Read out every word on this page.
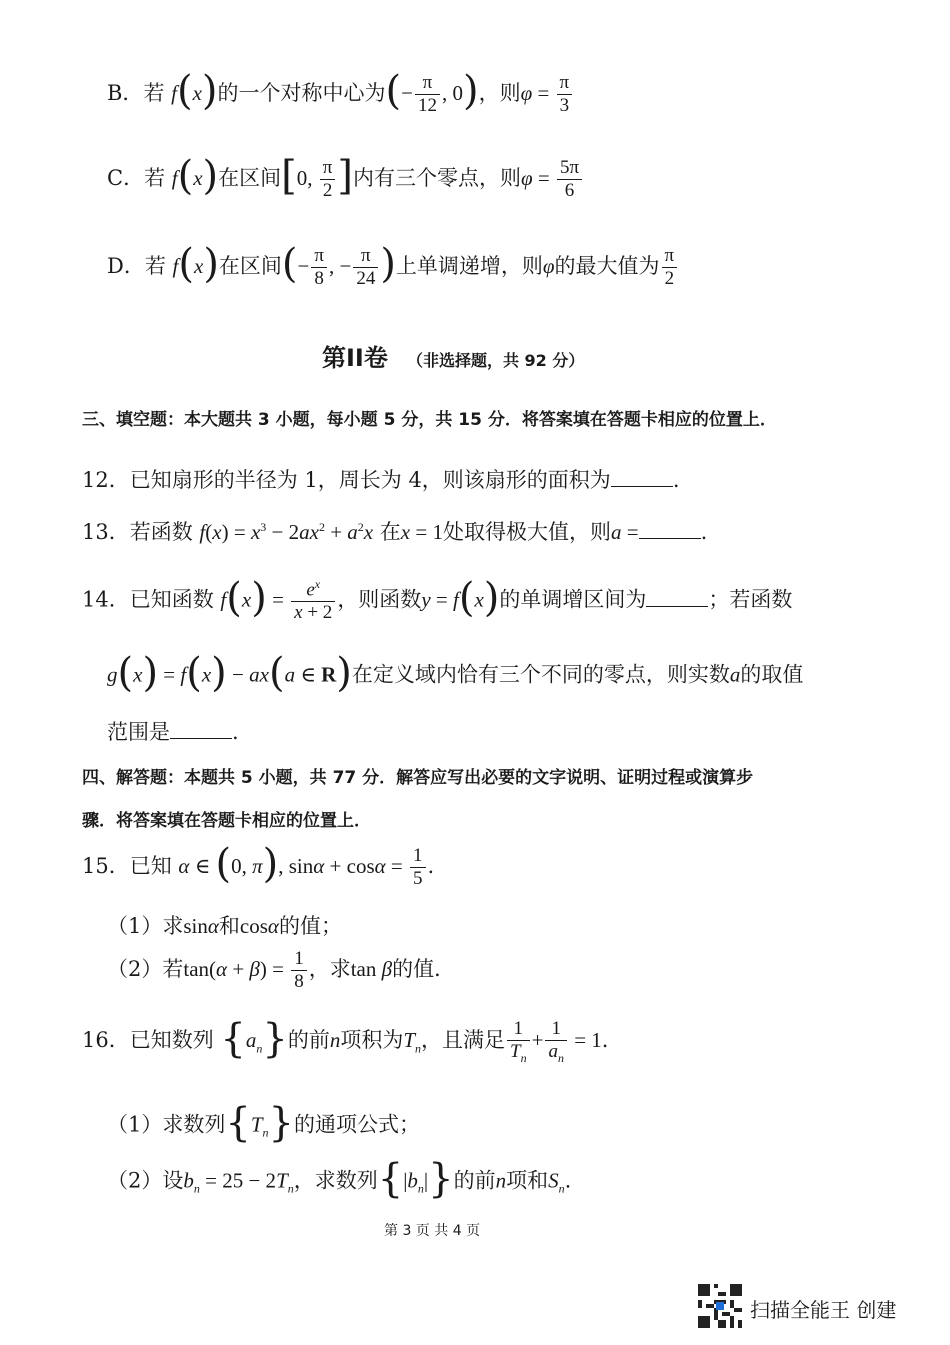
B．若 f(x)的一个对称中心为(− $\frac{\pi}{12}$ , 0)，则$\varphi = \frac{\pi}{3}$
C．若 f(x)在区间[0, $\frac{\pi}{2}$ ]内有三个零点，则$\varphi = \frac{5\pi}{6}$
D．若 f(x)在区间(− $\frac{\pi}{8}$ , − $\frac{\pi}{24}$ )上单调递增，则φ的最大值为 $\frac{\pi}{2}$
第II卷 （非选择题，共 92 分）
三、填空题：本大题共 3 小题，每小题 5 分，共 15 分．将答案填在答题卡相应的位置上．
12．已知扇形的半径为 1，周长为 4，则该扇形的面积为	.
13．若函数 $f(x) = x^3 - 2ax^2 + a^2x$ 在x = 1处取得极大值，则a =	.
14．已知函数 $f(x) = \frac{e^x}{x + 2}$ ，则函数y = f(x)的单调增区间为	；若函数
g(x) = f(x) − ax(a ∈ R)在定义域内恰有三个不同的零点，则实数a的取值
范围是	.
四、解答题：本题共 5 小题，共 77 分．解答应写出必要的文字说明、证明过程或演算步
骤．将答案填在答题卡相应的位置上．
15．已知 α ∈ (0, π), $\sin\alpha + \cos\alpha = \frac{1}{5}$ .
（1）求sinα和cosα的值；
（2）若$\tan(\alpha + \beta) = \frac{1}{8}$ ，求tan β的值．
16．已知数列 $\{a_n\}$的前n项积为$T_n$，且满足 $\frac{1}{T_n} + \frac{1}{a_n} = 1$.
（1）求数列$\{T_n\}$的通项公式；
（2）设$b_n = 25 - 2T_n$，求数列$\{|b_n|\}$的前n项和$S_n$.
第 3 页 共 4 页
扫描全能王 创建
